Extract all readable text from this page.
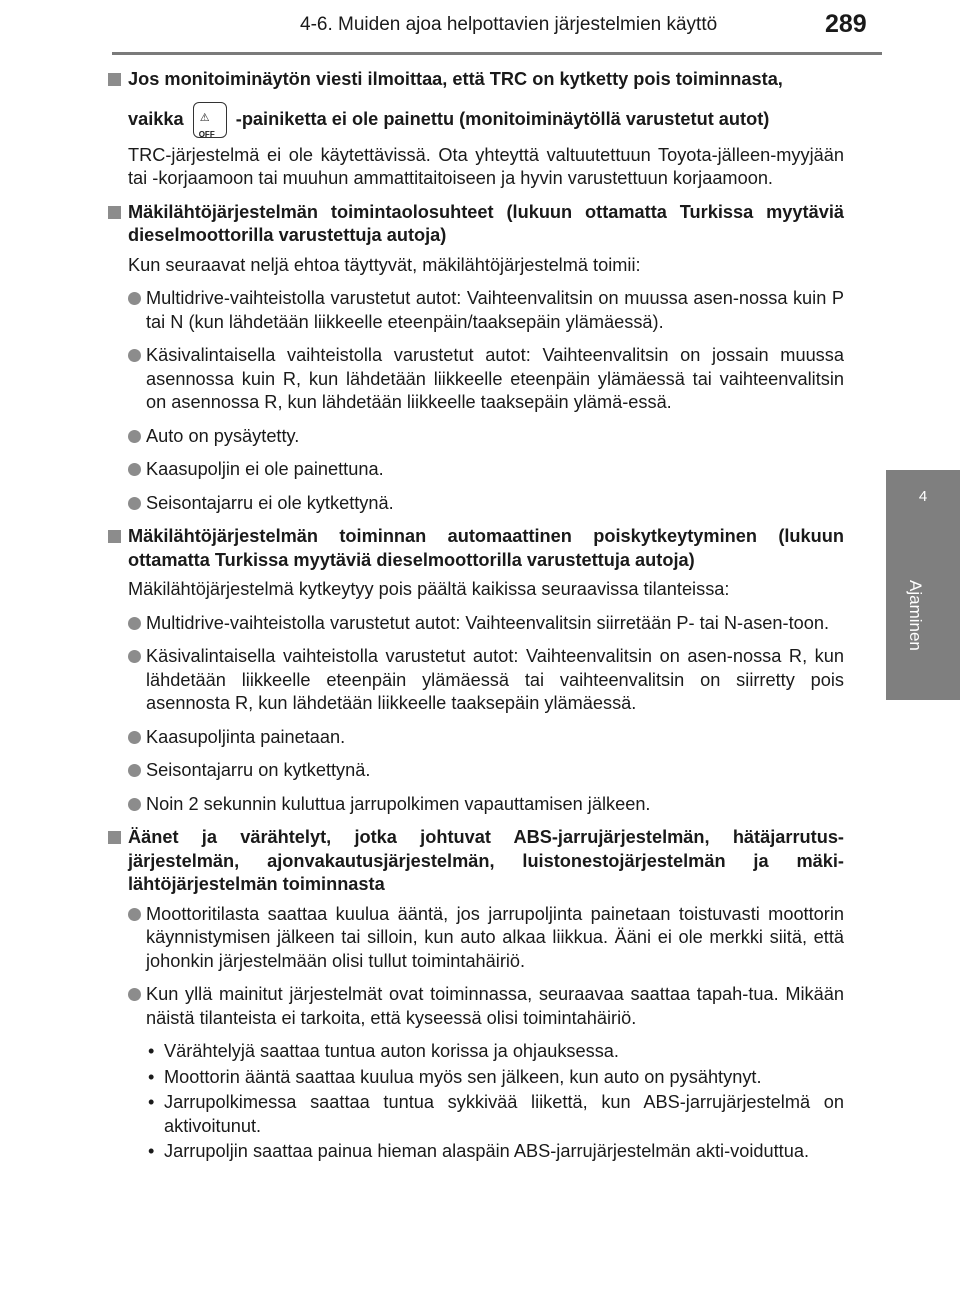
4-6. Muiden ajoa helpottavien järjestelmien käyttö	289
4
Ajaminen
Jos monitoiminäytön viesti ilmoittaa, että TRC on kytketty pois toiminnasta,
vaikka ⚠
OFF
-painiketta ei ole painettu (monitoiminäytöllä varustetut autot)
TRC-järjestelmä ei ole käytettävissä. Ota yhteyttä valtuutettuun Toyota-jälleen-myyjään tai -korjaamoon tai muuhun ammattitaitoiseen ja hyvin varustettuun korjaamoon.
Mäkilähtöjärjestelmän toimintaolosuhteet (lukuun ottamatta Turkissa myytäviä dieselmoottorilla varustettuja autoja)
Kun seuraavat neljä ehtoa täyttyvät, mäkilähtöjärjestelmä toimii:
Multidrive-vaihteistolla varustetut autot: Vaihteenvalitsin on muussa asen-nossa kuin P tai N (kun lähdetään liikkeelle eteenpäin/taaksepäin ylämäessä).
Käsivalintaisella vaihteistolla varustetut autot: Vaihteenvalitsin on jossain muussa asennossa kuin R, kun lähdetään liikkeelle eteenpäin ylämäessä tai vaihteenvalitsin on asennossa R, kun lähdetään liikkeelle taaksepäin ylämä-essä.
Auto on pysäytetty.
Kaasupoljin ei ole painettuna.
Seisontajarru ei ole kytkettynä.
Mäkilähtöjärjestelmän toiminnan automaattinen poiskytkeytyminen (lukuun ottamatta Turkissa myytäviä dieselmoottorilla varustettuja autoja)
Mäkilähtöjärjestelmä kytkeytyy pois päältä kaikissa seuraavissa tilanteissa:
Multidrive-vaihteistolla varustetut autot: Vaihteenvalitsin siirretään P- tai N-asen-toon.
Käsivalintaisella vaihteistolla varustetut autot: Vaihteenvalitsin on asen-nossa R, kun lähdetään liikkeelle eteenpäin ylämäessä tai vaihteenvalitsin on siirretty pois asennosta R, kun lähdetään liikkeelle taaksepäin ylämäessä.
Kaasupoljinta painetaan.
Seisontajarru on kytkettynä.
Noin 2 sekunnin kuluttua jarrupolkimen vapauttamisen jälkeen.
Äänet ja värähtelyt, jotka johtuvat ABS-jarrujärjestelmän, hätäjarrutus-järjestelmän, ajonvakautusjärjestelmän, luistonestojärjestelmän ja mäki-lähtöjärjestelmän toiminnasta
Moottoritilasta saattaa kuulua ääntä, jos jarrupoljinta painetaan toistuvasti moottorin käynnistymisen jälkeen tai silloin, kun auto alkaa liikkua. Ääni ei ole merkki siitä, että johonkin järjestelmään olisi tullut toimintahäiriö.
Kun yllä mainitut järjestelmät ovat toiminnassa, seuraavaa saattaa tapah-tua. Mikään näistä tilanteista ei tarkoita, että kyseessä olisi toimintahäiriö.
• Värähtelyjä saattaa tuntua auton korissa ja ohjauksessa.
• Moottorin ääntä saattaa kuulua myös sen jälkeen, kun auto on pysähtynyt.
• Jarrupolkimessa saattaa tuntua sykkivää liikettä, kun ABS-jarrujärjestelmä on aktivoitunut.
• Jarrupoljin saattaa painua hieman alaspäin ABS-jarrujärjestelmän akti-voiduttua.
